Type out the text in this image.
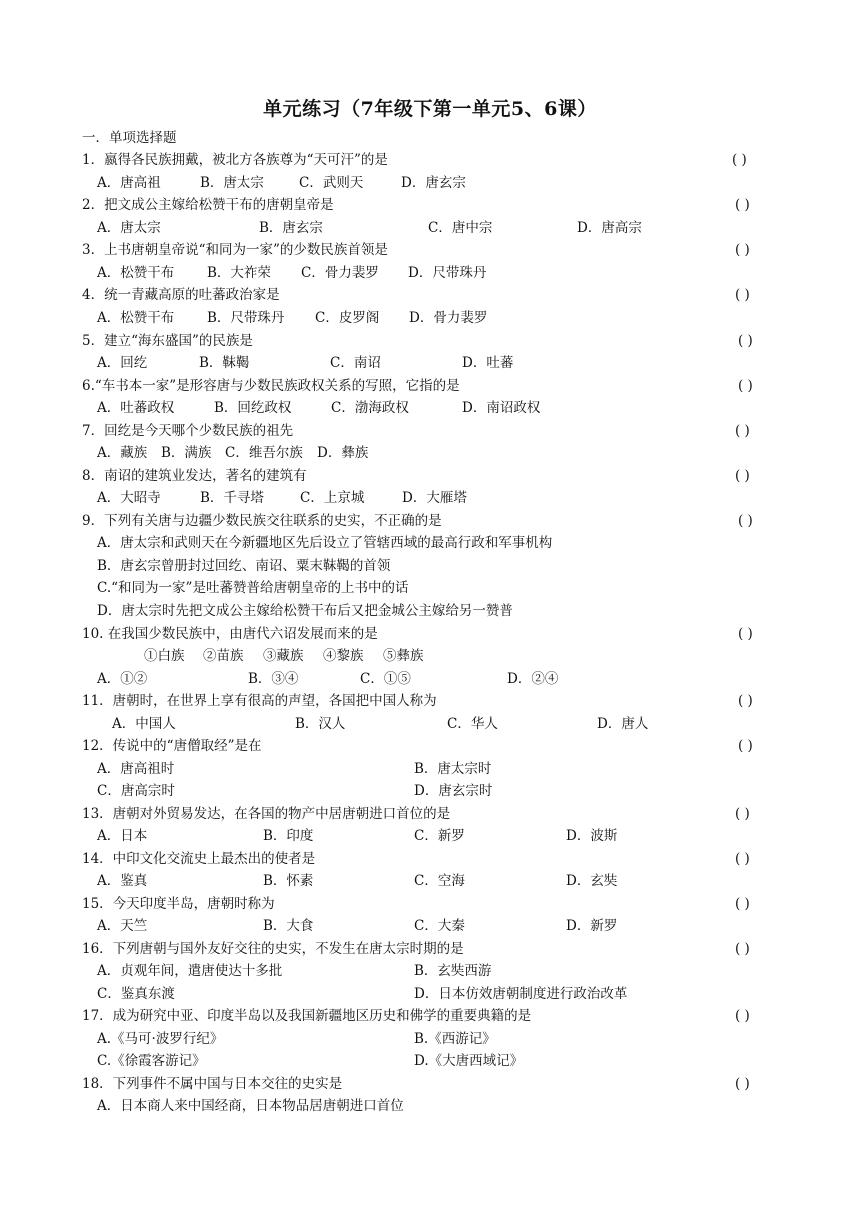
单元练习（7年级下第一单元5、6课）
一．单项选择题
1．嬴得各民族拥戴，被北方各族尊为“天可汗”的是	( )
A．唐高祖	B．唐太宗	C．武则天	D．唐玄宗
2．把文成公主嫁给松赞干布的唐朝皇帝是	( )
A．唐太宗	B．唐玄宗	C．唐中宗	D．唐高宗
3．上书唐朝皇帝说“和同为一家”的少数民族首领是	( )
A．松赞干布 B．大祚荣 C．骨力裴罗 D．尺带珠丹
4．统一青藏高原的吐蕃政治家是	( )
A．松赞干布 B．尺带珠丹 C．皮罗阁 D．骨力裴罗
5．建立“海东盛国”的民族是	( )
A．回纥	B．靺鞨	C．南诏	D．吐蕃
6.“车书本一家”是形容唐与少数民族政权关系的写照，它指的是	( )
A．吐蕃政权	B．回纥政权	C．渤海政权	D．南诏政权
7．回纥是今天哪个少数民族的祖先	( )
A．藏族 B．满族 C．维吾尔族 D．彝族
8．南诏的建筑业发达，著名的建筑有	( )
A．大昭寺	B．千寻塔	C．上京城	D．大雁塔
9．下列有关唐与边疆少数民族交往联系的史实，不正确的是	( )
A．唐太宗和武则天在今新疆地区先后设立了管辖西域的最高行政和军事机构
B．唐玄宗曾册封过回纥、南诏、粟末靺鞨的首领
C.“和同为一家”是吐蕃赞普给唐朝皇帝的上书中的话
D．唐太宗时先把文成公主嫁给松赞干布后又把金城公主嫁给另一赞普
10. 在我国少数民族中，由唐代六诏发展而来的是	( )
①白族 ②苗族 ③藏族 ④黎族 ⑤彝族
A．①②	B．③④	C．①⑤	D．②④
11．唐朝时，在世界上享有很高的声望，各国把中国人称为	( )
A．中国人	B．汉人	C．华人	D．唐人
12．传说中的“唐僧取经”是在	( )
A．唐高祖时	B．唐太宗时
C．唐高宗时	D．唐玄宗时
13．唐朝对外贸易发达，在各国的物产中居唐朝进口首位的是	( )
A．日本	B．印度	C．新罗	D．波斯
14．中印文化交流史上最杰出的使者是	( )
A．鉴真	B．怀素	C．空海	D．玄奘
15．今天印度半岛，唐朝时称为	( )
A．天竺	B．大食	C．大秦	D．新罗
16．下列唐朝与国外友好交往的史实，不发生在唐太宗时期的是	( )
A．贞观年间，遣唐使达十多批	B．玄奘西游
C．鉴真东渡	D．日本仿效唐朝制度进行政治改革
17．成为研究中亚、印度半岛以及我国新疆地区历史和佛学的重要典籍的是	( )
A.《马可·波罗行纪》	B.《西游记》
C.《徐霞客游记》	D.《大唐西域记》
18．下列事件不属中国与日本交往的史实是	( )
A．日本商人来中国经商，日本物品居唐朝进口首位
